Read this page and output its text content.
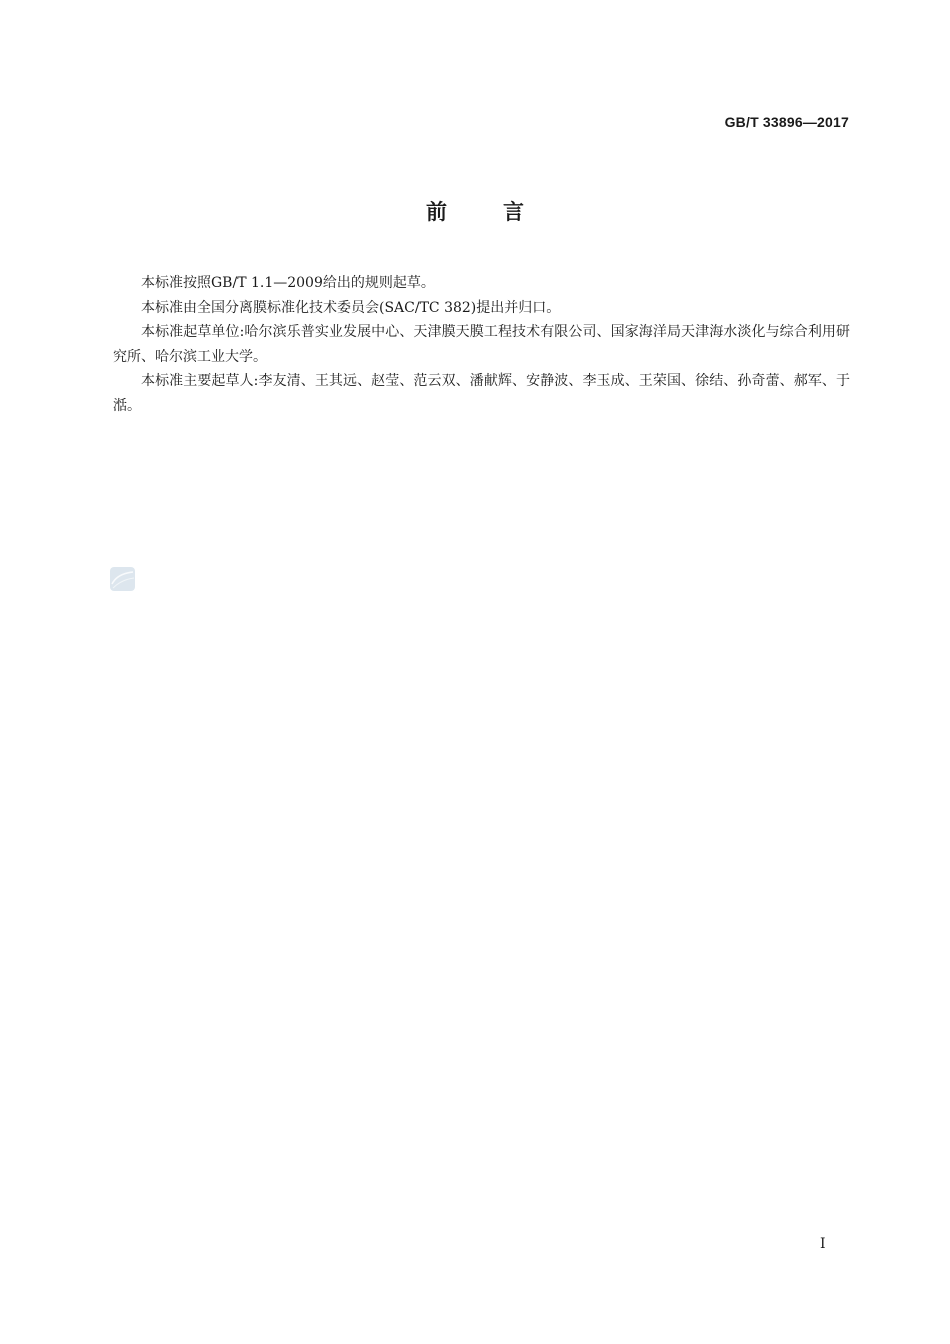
GB/T 33896—2017
前言

本标准按照GB/T 1.1—2009给出的规则起草。

本标准由全国分离膜标准化技术委员会(SAC/TC 382)提出并归口。

本标准起草单位:哈尔滨乐普实业发展中心、天津膜天膜工程技术有限公司、国家海洋局天津海水淡化与综合利用研究所、哈尔滨工业大学。

本标准主要起草人:李友清、王其远、赵莹、范云双、潘献辉、安静波、李玉成、王荣国、徐结、孙奇蕾、郝军、于湉。

I
